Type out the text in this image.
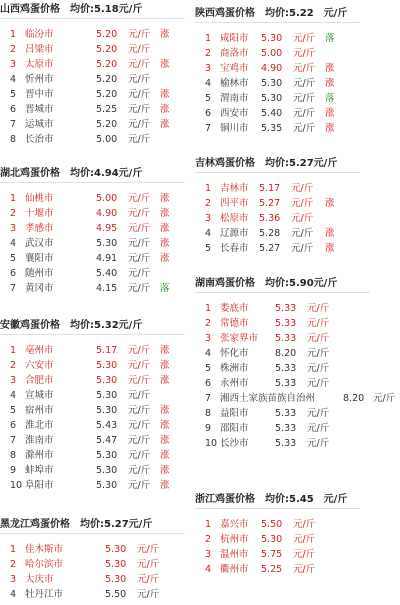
山西鸡蛋价格 均价:5.18元/斤
1 临汾市	5.20 元/斤 涨
2 吕梁市	5.20 元/斤
3 太原市	5.20 元/斤 涨
4 忻州市	5.20 元/斤
5 晋中市	5.20 元/斤 涨
6 晋城市	5.25 元/斤 涨
7 运城市	5.20 元/斤 涨
8 长治市	5.00 元/斤
湖北鸡蛋价格 均价:4.94元/斤
1 仙桃市	5.00 元/斤 涨
2 十堰市	4.90 元/斤 涨
3 孝感市	4.95 元/斤 涨
4 武汉市	5.30 元/斤 涨
5 襄阳市	4.91 元/斤 涨
6 随州市	5.40 元/斤
7 黄冈市	4.15 元/斤 落
安徽鸡蛋价格 均价:5.32元/斤
1 亳州市	5.17 元/斤 涨
2 六安市	5.30 元/斤 涨
3 合肥市	5.30 元/斤 涨
4 宣城市	5.30 元/斤
5 宿州市	5.30 元/斤 涨
6 淮北市	5.43 元/斤 涨
7 淮南市	5.47 元/斤 涨
8 滁州市	5.30 元/斤 涨
9 蚌埠市	5.30 元/斤 涨
10 阜阳市	5.30 元/斤 涨
黑龙江鸡蛋价格 均价:5.27元/斤
1 佳木斯市	5.30 元/斤
2 哈尔滨市	5.30 元/斤
3 大庆市	5.30 元/斤
4 牡丹江市	5.50 元/斤
陕西鸡蛋价格 均价:5.22　元/斤
1 咸阳市 5.30 元/斤 落
2 商洛市 5.00 元/斤
3 宝鸡市 4.90 元/斤 涨
4 榆林市 5.30 元/斤 涨
5 渭南市 5.30 元/斤 落
6 西安市 5.40 元/斤 涨
7 铜川市 5.35 元/斤 涨
吉林鸡蛋价格 均价:5.27元/斤
1 吉林市 5.17 元/斤
2 四平市 5.27 元/斤 涨
3 松原市 5.36 元/斤
4 辽源市 5.28 元/斤 涨
5 长春市 5.27 元/斤 涨
湖南鸡蛋价格 均价:5.90元/斤
1 娄底市	5.33 元/斤
2 常德市	5.33 元/斤
3 张家界市 5.33 元/斤
4 怀化市	8.20 元/斤
5 株洲市	5.33 元/斤
6 永州市	5.33 元/斤
7 湘西土家族苗族自治州	8.20 元/斤
8 益阳市	5.33 元/斤
9 邵阳市	5.33 元/斤
10 长沙市	5.33 元/斤
浙江鸡蛋价格 均价:5.45　元/斤
1 嘉兴市 5.50 元/斤
2 杭州市 5.30 元/斤
3 温州市 5.75 元/斤
4 衢州市 5.25 元/斤
